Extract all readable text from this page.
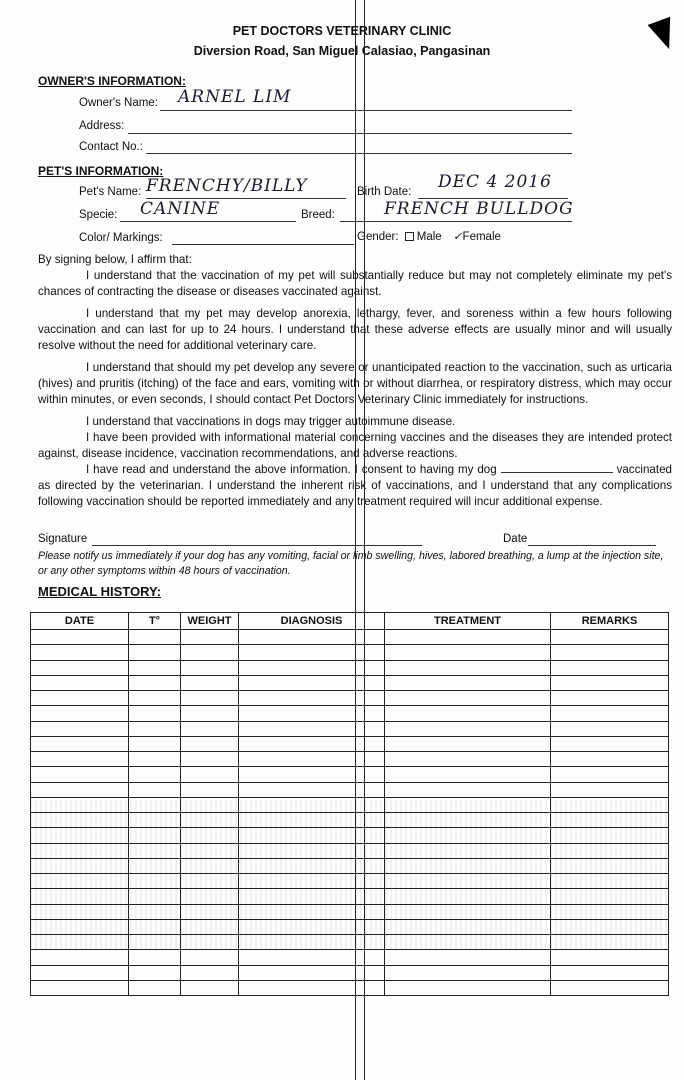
PET DOCTORS VETERINARY CLINIC
Diversion Road, San Miguel Calasiao, Pangasinan
OWNER'S INFORMATION:
Owner's Name: ARNEL LIM
Address:
Contact No.:
PET'S INFORMATION:
Pet's Name: FRENCHY/BILLY	Birth Date: DEC 4 2016
Specie: CANINE	Breed:	FRENCH BULLDOG
Color/ Markings:	Gender: Male ✓Female

By signing below, I affirm that:

I understand that the vaccination of my pet will substantially reduce but may not completely eliminate my pet's chances of contracting the disease or diseases vaccinated against.

I understand that my pet may develop anorexia, lethargy, fever, and soreness within a few hours following vaccination and can last for up to 24 hours. I understand that these adverse effects are usually minor and will usually resolve without the need for additional veterinary care.

I understand that should my pet develop any severe or unanticipated reaction to the vaccination, such as urticaria (hives) and pruritis (itching) of the face and ears, vomiting with or without diarrhea, or respiratory distress, which may occur within minutes, or even seconds, I should contact Pet Doctors Veterinary Clinic immediately for instructions.

I understand that vaccinations in dogs may trigger autoimmune disease.

I have been provided with informational material concerning vaccines and the diseases they are intended protect against, disease incidence, vaccination recommendations, and adverse reactions.

I have read and understand the above information. I consent to having my dog	vaccinated as directed by the veterinarian. I understand the inherent risk of vaccinations, and I understand that any complications following vaccination should be reported immediately and any treatment required will incur additional expense.

Signature	Date
Please notify us immediately if your dog has any vomiting, facial or limb swelling, hives, labored breathing, a lump at the injection site, or any other symptoms within 48 hours of vaccination.
MEDICAL HISTORY:
DATE	T°	WEIGHT	DIAGNOSIS	TREATMENT	REMARKS
